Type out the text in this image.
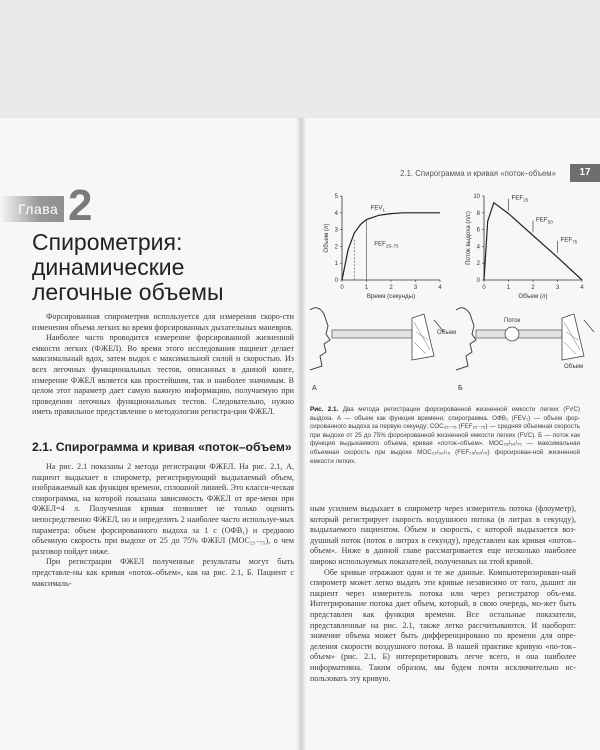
Глава 2
Спирометрия: динамические легочные объемы

Форсированная спирометрия используется для измерения скоро-сти изменения объема легких во время форсированных дыхательных маневров.

Наиболее часто проводится измерение форсированной жизненной емкости легких (ФЖЕЛ). Во время этого исследования пациент делает максимальный вдох, затем выдох с максимальной силой и скоростью. Из всех легочных функциональных тестов, описанных в данной книге, измерение ФЖЕЛ является как простейшим, так и наиболее значимым. В целом этот параметр дает самую важную информацию, получаемую при проведении легочных функциональных тестов. Следовательно, нужно иметь правильное представление о методологии регистра-ции ФЖЕЛ.

2.1. Спирограмма и кривая «поток–объем»

На рис. 2.1 показаны 2 метода регистрации ФЖЕЛ. На рис. 2.1, А, пациент выдыхает в спирометр, регистрирующий выдыхаемый объем, изображаемый как функция времени, сплошной линией. Это класси-ческая спирограмма, на которой показана зависимость ФЖЕЛ от вре-мени при ФЖЕЛ=4 л. Полученная кривая позволяет не только оценить непосредственно ФЖЕЛ, но и определить 2 наиболее часто используе-мых параметра: объем форсированного выдоха за 1 с (ОФВ₁) и среднюю объемную скорость при выдохе от 25 до 75% ФЖЕЛ (МОС₂₅₋₇₅), о чем разговор пойдет ниже.

При регистрации ФЖЕЛ полученные результаты могут быть представле-ны как кривая «поток–объем», как на рис. 2.1, Б. Пациент с максималь-

2.1. Спирограмма и кривая «поток–объем»	17
0	1	2	3	4
0
1
2
3
4
5
Время (секунды)
Объем (л)
$FEV_1$
$FEF_{25-75}$
0	1	2	3	4
0
2
4
6
8
10
Объем (л)
Поток выдоха (л/с)
$FEF_{25}$
$FEF_{50}$
$FEF_{75}$
Объем
А
Поток
Объем
Б
Рис. 2.1. Два метода регистрации форсированной жизненной емкости легких (FVC) выдоха. А — объем как функция времени, спирограмма. ОФВ₁ (FEV₁) — объем фор-сированного выдоха за первую секунду; СОС₂₅₋₇₅ (FEF₂₅₋₇₅) — средняя объемная скорость при выдохе от 25 до 75% форсированной жизненной емкости легких (FVC). Б — поток как функция выдыхаемого объема, кривая «поток–объем». МОС₂₅/₅₀/₇₅ — максимальная объемная скорость при выдохе МОС₂₅/₅₀/₇₅ (FEF₂₅/₅₀/₇₅) форсирован-ной жизненной емкости легких.

ным усилием выдыхает в спирометр через измеритель потока (флоуметр), который регистрирует скорость воздушного потока (в литрах в секунду), выдыхаемого пациентом. Объем и скорость, с которой выдыхается воз-душный поток (поток в литрах в секунду), представлен как кривая «поток–объем». Ниже в данной главе рассматривается еще несколько наиболее широко используемых показателей, полученных на этой кривой.

Обе кривые отражают одни и те же данные. Компьютеризирован-ный спирометр может легко выдать эти кривые независимо от того, дышит ли пациент через измеритель потока или через регистратор объ-ема. Интегрирование потока дает объем, который, в свою очередь, мо-жет быть представлен как функция времени. Все остальные показатели, представленные на рис. 2.1, также легко рассчитываются. И наоборот: значение объема может быть дифференцировано по времени для опре-деления скорости воздушного потока. В нашей практике кривую «по-ток–объем» (рис. 2.1, Б) интерпретировать легче всего, и она наиболее информативна. Таким образом, мы будем почти исключительно ис-пользовать эту кривую.
